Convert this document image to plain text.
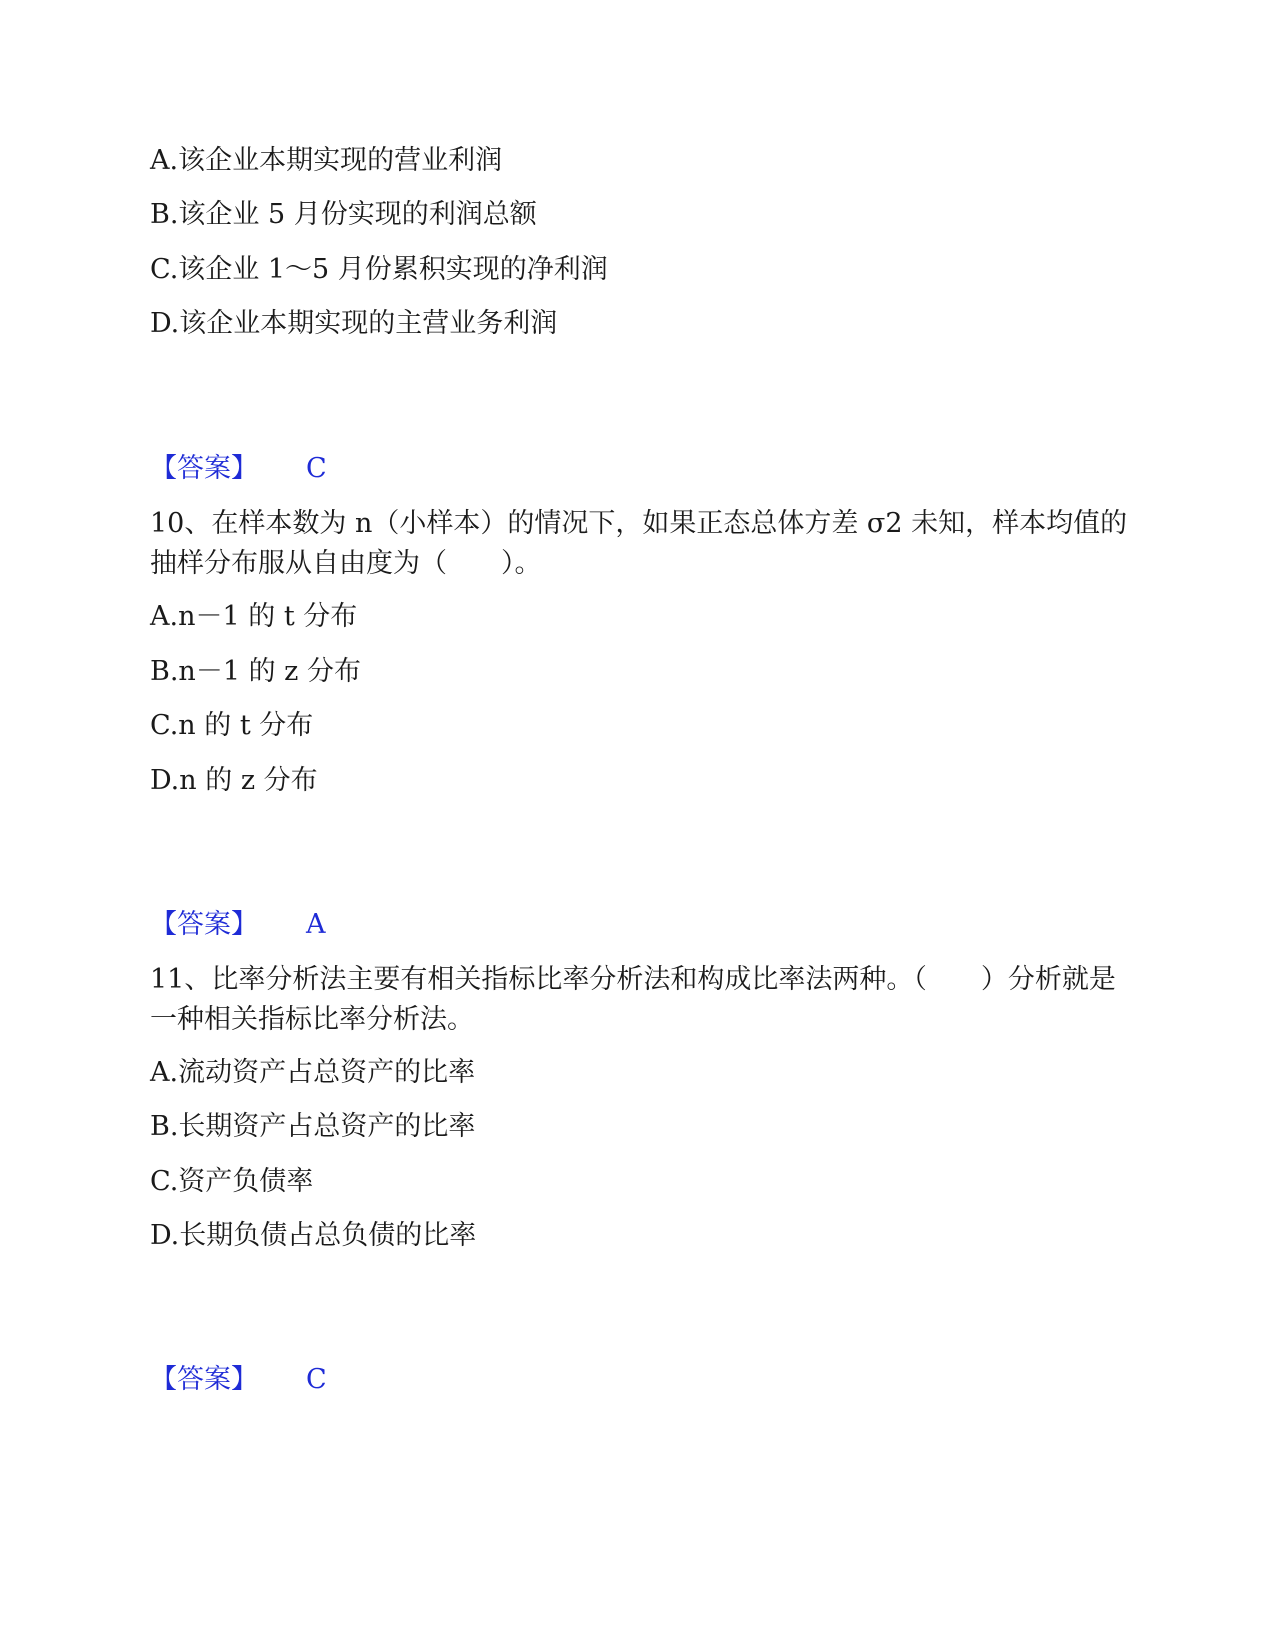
A.该企业本期实现的营业利润
B.该企业 5 月份实现的利润总额
C.该企业 1～5 月份累积实现的净利润
D.该企业本期实现的主营业务利润
【答案】 C
10、在样本数为 n（小样本）的情况下，如果正态总体方差 σ2 未知，样本均值的抽样分布服从自由度为（　　）。
A.n－1 的 t 分布
B.n－1 的 z 分布
C.n 的 t 分布
D.n 的 z 分布
【答案】 A
11、比率分析法主要有相关指标比率分析法和构成比率法两种。（　　）分析就是一种相关指标比率分析法。
A.流动资产占总资产的比率
B.长期资产占总资产的比率
C.资产负债率
D.长期负债占总负债的比率
【答案】 C
